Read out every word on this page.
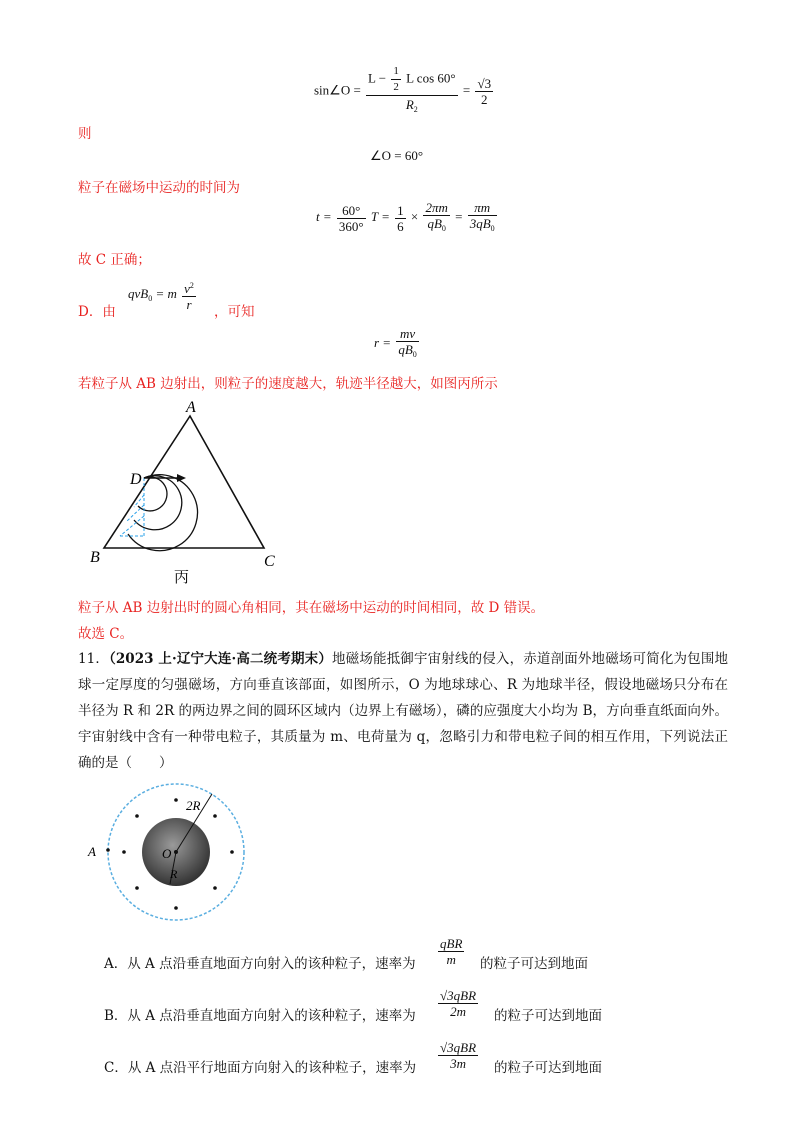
sin∠O = $\frac{L - \frac{1}{2} L \cos 60^\circ}{R_2} = \frac{√3}{2}$
则
∠O = 60°
粒子在磁场中运动的时间为
$t = \frac{60^\circ}{360^\circ}$ $T = \frac{1}{6} \times \frac{2\pi m}{qB_0} = \frac{\pi m}{3qB_0}$
故 C 正确；
qvB$_0$ = m $\frac{v^2}{r}$
D．由	，可知
$r = \frac{mv}{qB_0}$
若粒子从 AB 边射出，则粒子的速度越大，轨迹半径越大，如图丙所示
A
B	C
D
丙
粒子从 AB 边射出时的圆心角相同，其在磁场中运动的时间相同，故 D 错误。
故选 C。
11．（2023 上·辽宁大连·高二统考期末）地磁场能抵御宇宙射线的侵入，赤道剖面外地磁场可简化为包围地球一定厚度的匀强磁场，方向垂直该部面，如图所示，O 为地球球心、R 为地球半径，假设地磁场只分布在半径为 R 和 2R 的两边界之间的圆环区域内（边界上有磁场），磷的应强度大小均为 B，方向垂直纸面向外。宇宙射线中含有一种带电粒子，其质量为 m、电荷量为 q，忽略引力和带电粒子间的相互作用，下列说法正确的是（　　）
A	O
R
2R
A．从 A 点沿垂直地面方向射入的该种粒子，速率为 $\frac{\text{qBR}}{m}$ 的粒子可达到地面
B．从 A 点沿垂直地面方向射入的该种粒子，速率为 $\frac{\text{√3qBR}}{2m}$ 的粒子可达到地面
C．从 A 点沿平行地面方向射入的该种粒子，速率为 $\frac{\text{√3qBR}}{3m}$ 的粒子可达到地面
